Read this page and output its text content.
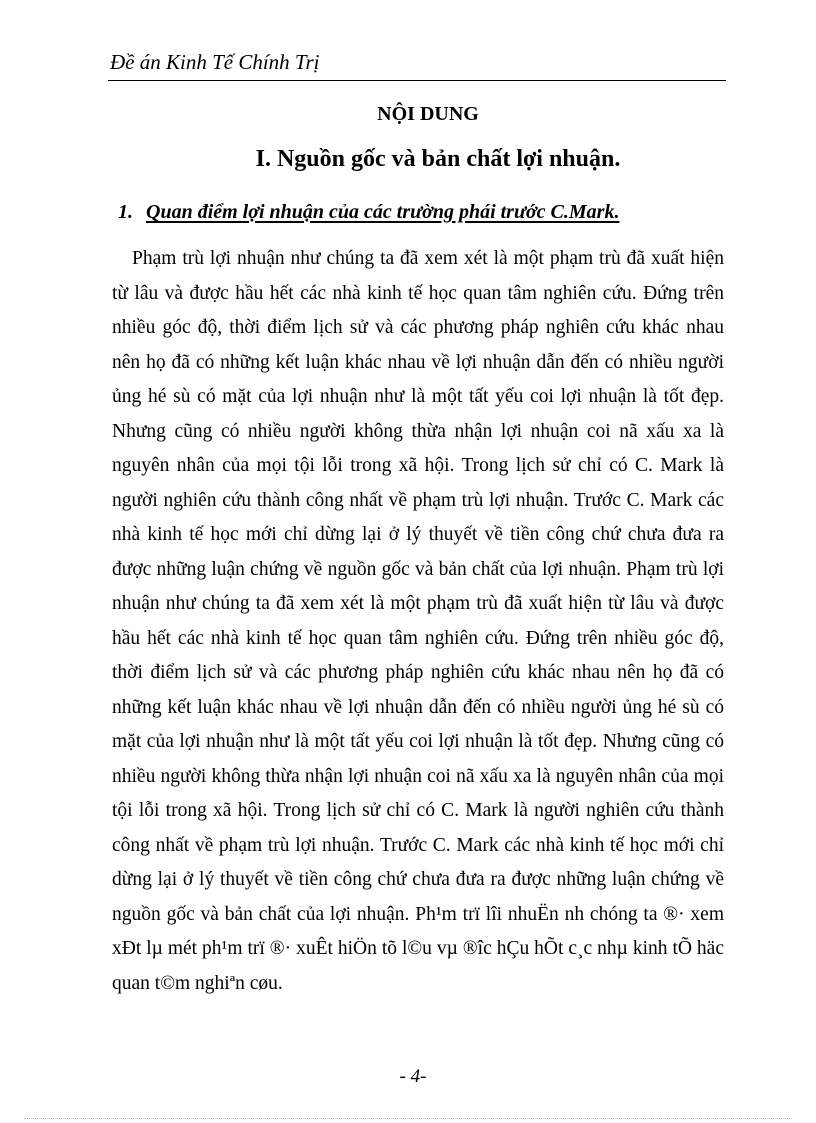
Đề án Kinh Tế Chính Trị
NỘI DUNG
I. Nguồn gốc và bản chất lợi nhuận.
1. Quan điểm lợi nhuận của các trường phái trước C.Mark.

Phạm trù lợi nhuận như chúng ta đã xem xét là một phạm trù đã xuất hiện từ lâu và được hầu hết các nhà kinh tế học quan tâm nghiên cứu. Đứng trên nhiều góc độ, thời điểm lịch sử và các phương pháp nghiên cứu khác nhau nên họ đã có những kết luận khác nhau về lợi nhuận dẫn đến có nhiều người ủng hé sù có mặt của lợi nhuận như là một tất yếu coi lợi nhuận là tốt đẹp. Nhưng cũng có nhiều người không thừa nhận lợi nhuận coi nã xấu xa là nguyên nhân của mọi tội lỗi trong xã hội. Trong lịch sử chỉ có C. Mark là người nghiên cứu thành công nhất về phạm trù lợi nhuận. Trước C. Mark các nhà kinh tế học mới chỉ dừng lại ở lý thuyết về tiền công chứ chưa đưa ra được những luận chứng về nguồn gốc và bản chất của lợi nhuận. Phạm trù lợi nhuận như chúng ta đã xem xét là một phạm trù đã xuất hiện từ lâu và được hầu hết các nhà kinh tế học quan tâm nghiên cứu. Đứng trên nhiều góc độ, thời điểm lịch sử và các phương pháp nghiên cứu khác nhau nên họ đã có những kết luận khác nhau về lợi nhuận dẫn đến có nhiều người ủng hé sù có mặt của lợi nhuận như là một tất yếu coi lợi nhuận là tốt đẹp. Nhưng cũng có nhiều người không thừa nhận lợi nhuận coi nã xấu xa là nguyên nhân của mọi tội lỗi trong xã hội. Trong lịch sử chỉ có C. Mark là người nghiên cứu thành công nhất về phạm trù lợi nhuận. Trước C. Mark các nhà kinh tế học mới chỉ dừng lại ở lý thuyết về tiền công chứ chưa đưa ra được những luận chứng về nguồn gốc và bản chất của lợi nhuận. Ph¹m trï lîi nhuËn nh chóng ta ®· xem xÐt lµ mét ph¹m trï ®· xuÊt hiÖn tõ l©u vµ ®îc hÇu hÕt c¸c nhµ kinh tÕ häc quan t©m nghiªn cøu.

- 4-
